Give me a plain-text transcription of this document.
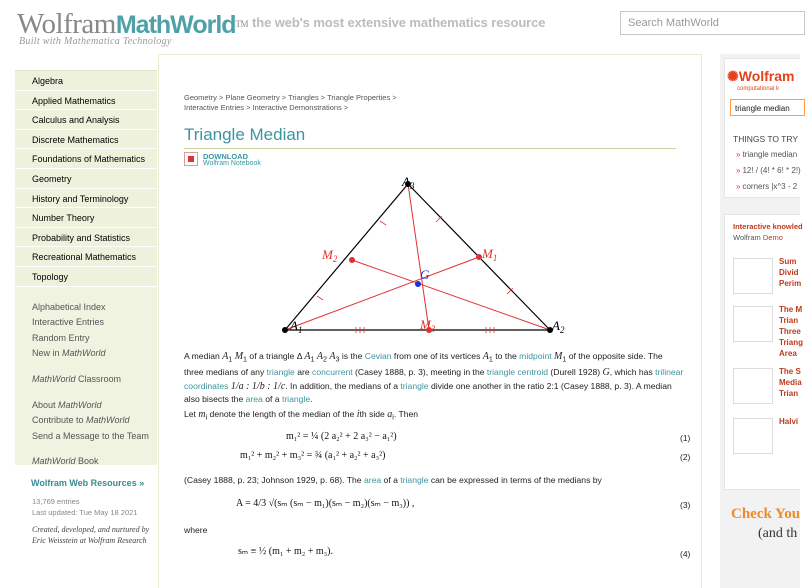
WolframMathWorld™
Built with Mathematica Technology
the web's most extensive mathematics resource	Search MathWorld
Algebra
Applied Mathematics
Calculus and Analysis
Discrete Mathematics
Foundations of Mathematics
Geometry
History and Terminology
Number Theory
Probability and Statistics
Recreational Mathematics
Topology
Alphabetical Index
Interactive Entries
Random Entry
New in MathWorld
MathWorld Classroom
About MathWorld
Contribute to MathWorld
Send a Message to the Team
MathWorld Book
Wolfram Web Resources »
13,769 entries
Last updated: Tue May 18 2021
Created, developed, and nurtured by Eric Weisstein at Wolfram Research
Geometry > Plane Geometry > Triangles > Triangle Properties >
Interactive Entries > Interactive Demonstrations >
Triangle Median
DOWNLOAD
Wolfram Notebook
$A_1$	$A_2$
$A_3$
$M_1$
$M_2$
$M_3$
G
A median $A_1$ $M_1$ of a triangle Δ $A_1$ $A_2$ $A_3$ is the Cevian from one of its vertices $A_1$ to the midpoint $M_1$ of the opposite side. The three medians of any triangle are concurrent (Casey 1888, p. 3), meeting in the triangle centroid (Durell 1928) G, which has trilinear coordinates 1/a : 1/b : 1/c. In addition, the medians of a triangle divide one another in the ratio 2:1 (Casey 1888, p. 3). A median also bisects the area of a triangle.
Let $m_i$ denote the length of the median of the ith side $a_i$. Then
m₁² = ¼ (2 a₂² + 2 a₃² − a₁²)	(1)
m₁² + m₂² + m₃² = ¾ (a₁² + a₂² + a₃²)	(2)
(Casey 1888, p. 23; Johnson 1929, p. 68). The area of a triangle can be expressed in terms of the medians by
A = 4/3 √(sₘ (sₘ − m₁)(sₘ − m₂)(sₘ − m₃)) ,	(3)
where
sₘ ≡ ½ (m₁ + m₂ + m₃).	(4)
✺Wolfram
computational k
triangle median
THINGS TO TRY
» triangle median
» 12! / (4! * 6! * 2!)
» corners |x^3 - 2
Interactive knowled
Wolfram Demo
Sum
Divid
Perim
The M
Trian
Three
Triang
Area
The S
Media
Trian
Halvi
Check You
(and th
